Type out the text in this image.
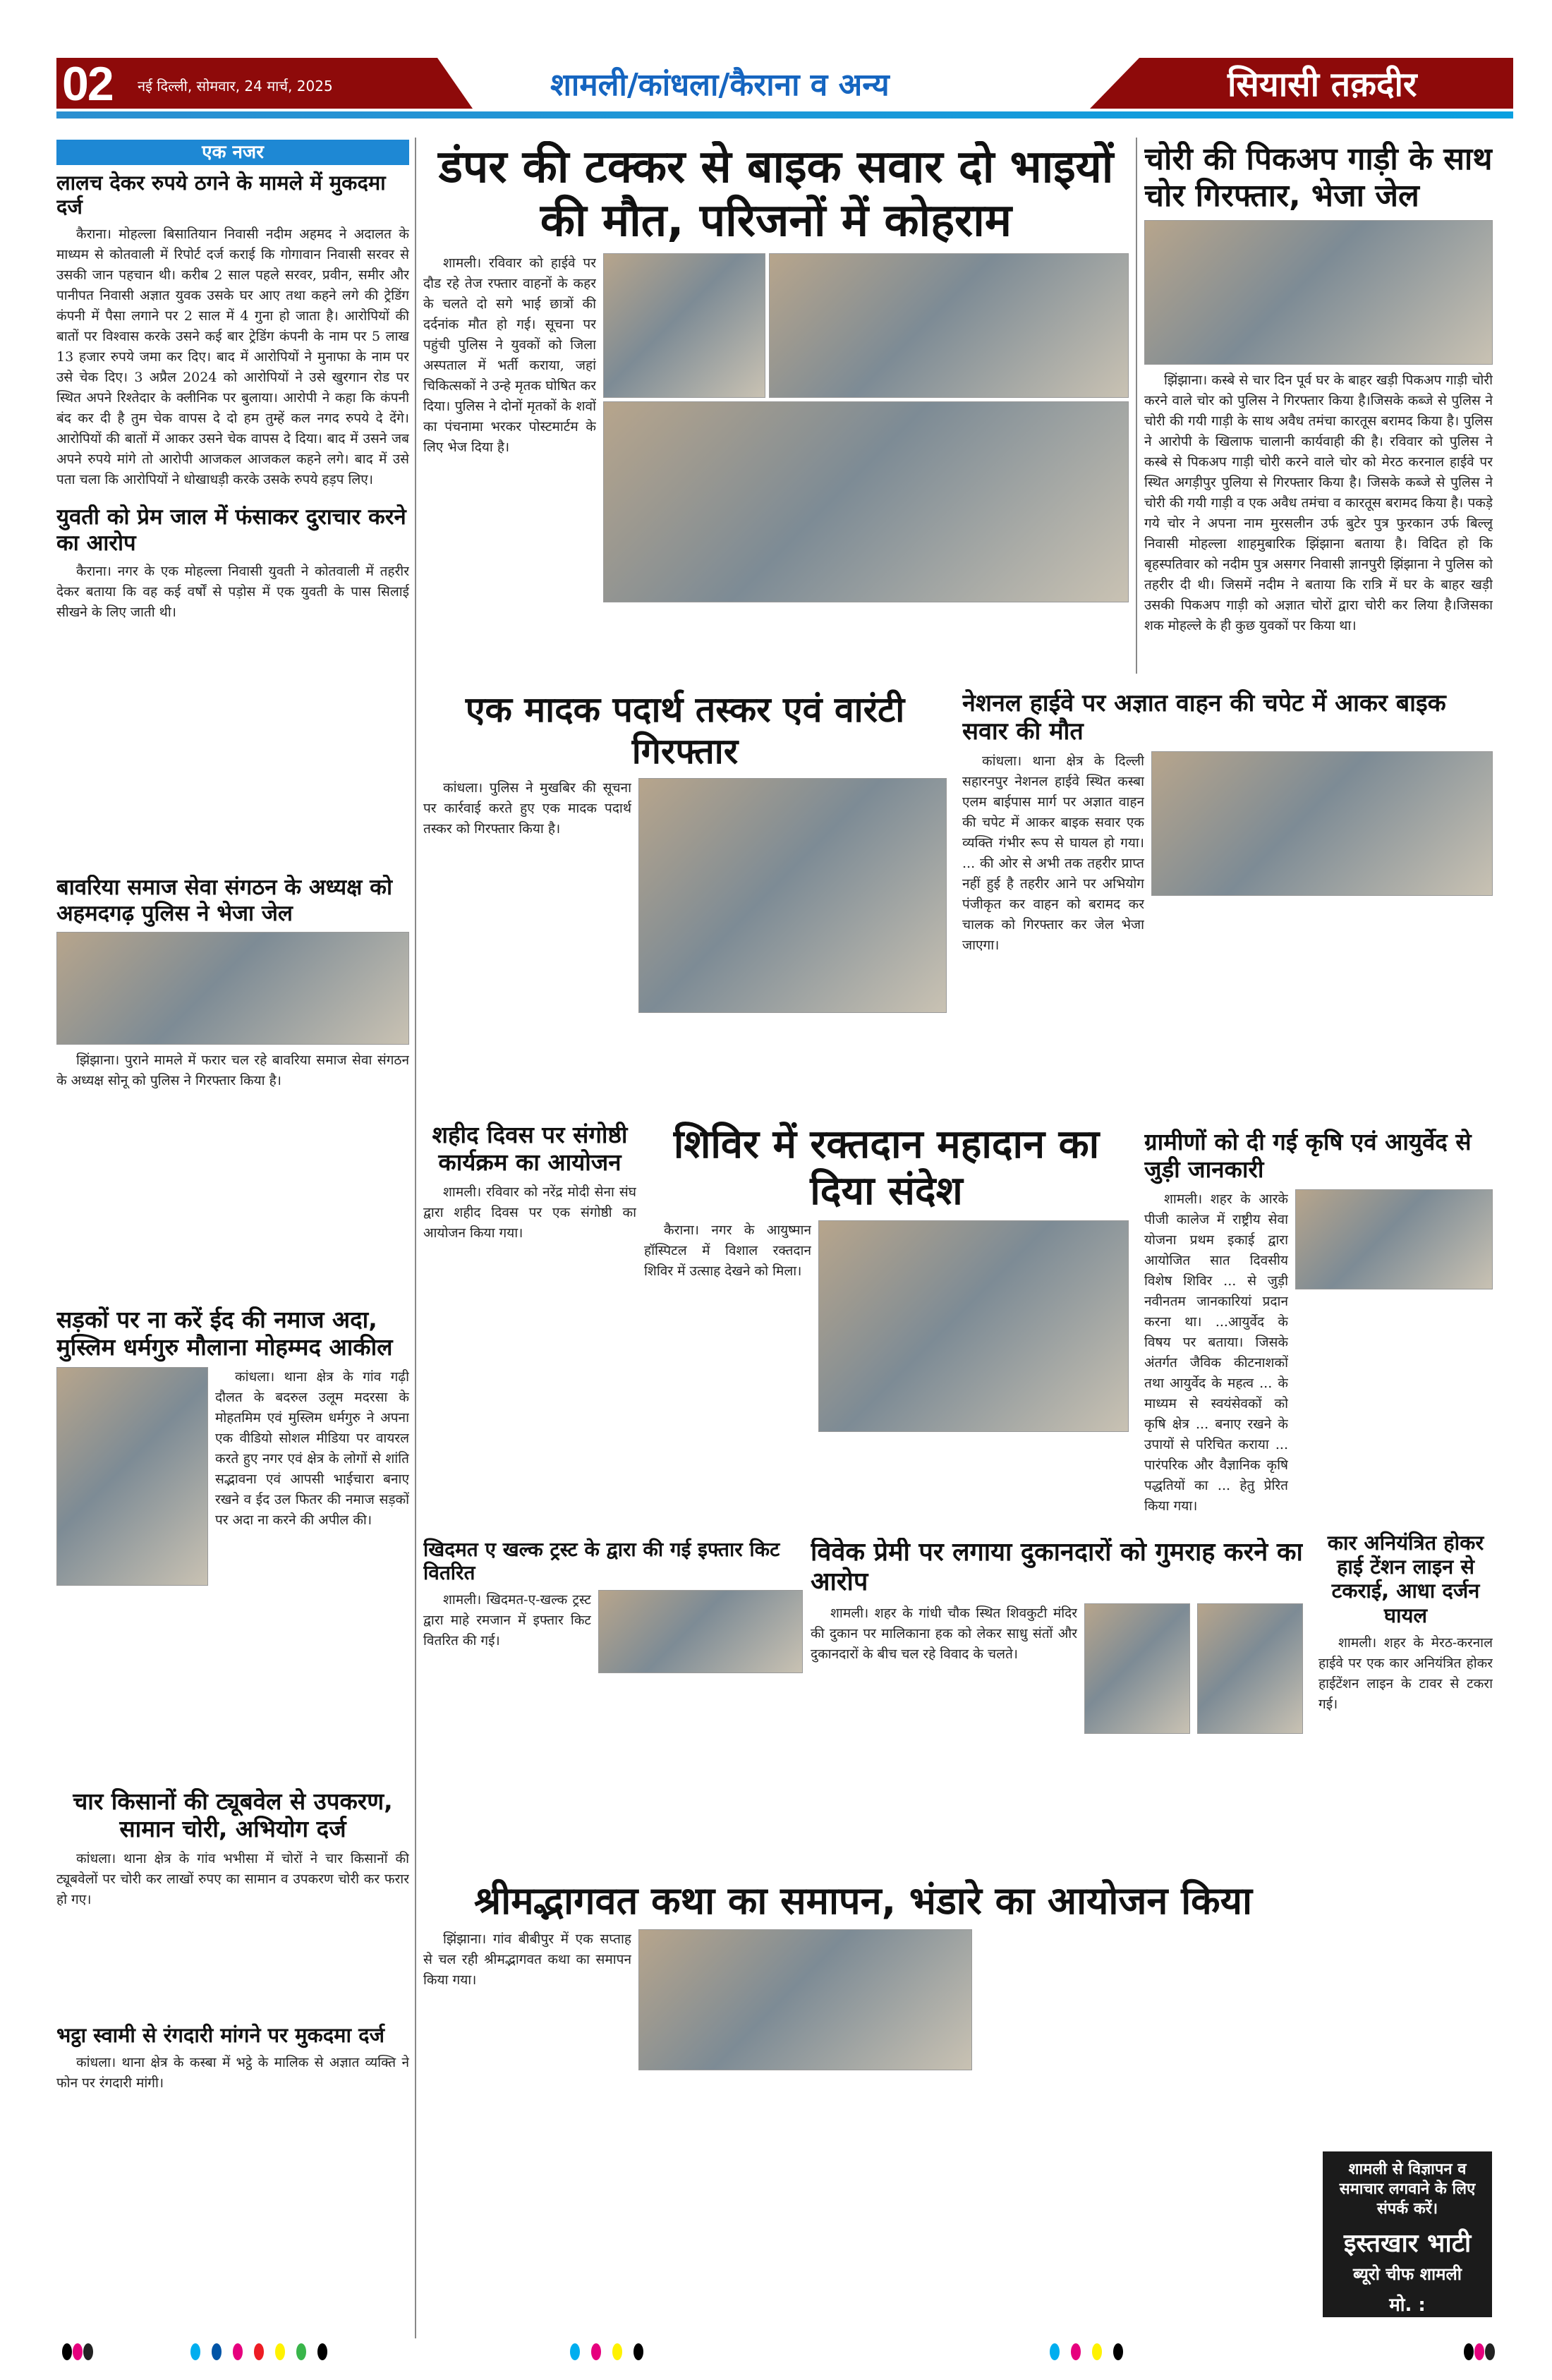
02 नई दिल्ली, सोमवार, 24 मार्च, 2025	शामली/कांधला/कैराना व अन्य	सियासी तक़दीर
एक नजर
लालच देकर रुपये ठगने के मामले में मुकदमा दर्ज
कैराना। मोहल्ला बिसातियान निवासी नदीम अहमद ने अदालत के माध्यम से कोतवाली में रिपोर्ट दर्ज कराई कि गोगावान निवासी सरवर से उसकी जान पहचान थी। करीब 2 साल पहले सरवर, प्रवीन, समीर और पानीपत निवासी अज्ञात युवक उसके घर आए तथा कहने लगे की ट्रेडिंग कंपनी में पैसा लगाने पर 2 साल में 4 गुना हो जाता है। आरोपियों की बातों पर विश्वास करके उसने कई बार ट्रेडिंग कंपनी के नाम पर 5 लाख 13 हजार रुपये जमा कर दिए। बाद में आरोपियों ने मुनाफा के नाम पर उसे चेक दिए। 3 अप्रैल 2024 को आरोपियों ने उसे खुरगान रोड पर स्थित अपने रिश्तेदार के क्लीनिक पर बुलाया। आरोपी ने कहा कि कंपनी बंद कर दी है तुम चेक वापस दे दो हम तुम्हें कल नगद रुपये दे देंगे। आरोपियों की बातों में आकर उसने चेक वापस दे दिया। बाद में उसने जब अपने रुपये मांगे तो आरोपी आजकल आजकल कहने लगे। बाद में उसे पता चला कि आरोपियों ने धोखाधड़ी करके उसके रुपये हड़प लिए।
युवती को प्रेम जाल में फंसाकर दुराचार करने का आरोप
कैराना। नगर के एक मोहल्ला निवासी युवती ने कोतवाली में तहरीर देकर बताया कि वह कई वर्षों से पड़ोस में एक युवती के पास सिलाई सीखने के लिए जाती थी।
बावरिया समाज सेवा संगठन के अध्यक्ष को अहमदगढ़ पुलिस ने भेजा जेल
झिंझाना। पुराने मामले में फरार चल रहे बावरिया समाज सेवा संगठन के अध्यक्ष सोनू को पुलिस ने गिरफ्तार किया है।
सड़कों पर ना करें ईद की नमाज अदा, मुस्लिम धर्मगुरु मौलाना मोहम्मद आकील
कांधला। थाना क्षेत्र के गांव गढ़ी दौलत के बदरुल उलूम मदरसा के मोहतमिम एवं मुस्लिम धर्मगुरु ने अपना एक वीडियो सोशल मीडिया पर वायरल करते हुए नगर एवं क्षेत्र के लोगों से शांति सद्भावना एवं आपसी भाईचारा बनाए रखने व ईद उल फितर की नमाज सड़कों पर अदा ना करने की अपील की।
चार किसानों की ट्यूबवेल से उपकरण, सामान चोरी, अभियोग दर्ज
कांधला। थाना क्षेत्र के गांव भभीसा में चोरों ने चार किसानों की ट्यूबवेलों पर चोरी कर लाखों रुपए का सामान व उपकरण चोरी कर फरार हो गए।
भट्ठा स्वामी से रंगदारी मांगने पर मुकदमा दर्ज
कांधला। थाना क्षेत्र के कस्बा में भट्ठे के मालिक से अज्ञात व्यक्ति ने फोन पर रंगदारी मांगी।
डंपर की टक्कर से बाइक सवार दो भाइयों की मौत, परिजनों में कोहराम
शामली। रविवार को हाईवे पर दौड रहे तेज रफ्तार वाहनों के कहर के चलते दो सगे भाई छात्रों की दर्दनांक मौत हो गई। सूचना पर पहुंची पुलिस ने युवकों को जिला अस्पताल में भर्ती कराया, जहां चिकित्सकों ने उन्हे मृतक घोषित कर दिया। पुलिस ने दोनों मृतकों के शवों का पंचनामा भरकर पोस्टमार्टम के लिए भेज दिया है।
चोरी की पिकअप गाड़ी के साथ चोर गिरफ्तार, भेजा जेल
झिंझाना। कस्बे से चार दिन पूर्व घर के बाहर खड़ी पिकअप गाड़ी चोरी करने वाले चोर को पुलिस ने गिरफ्तार किया है।जिसके कब्जे से पुलिस ने चोरी की गयी गाड़ी के साथ अवैध तमंचा कारतूस बरामद किया है। पुलिस ने आरोपी के खिलाफ चालानी कार्यवाही की है। रविवार को पुलिस ने कस्बे से पिकअप गाड़ी चोरी करने वाले चोर को मेरठ करनाल हाईवे पर स्थित अगड़ीपुर पुलिया से गिरफ्तार किया है। जिसके कब्जे से पुलिस ने चोरी की गयी गाड़ी व एक अवैध तमंचा व कारतूस बरामद किया है। पकड़े गये चोर ने अपना नाम मुरसलीन उर्फ बुटेर पुत्र फुरकान उर्फ बिल्लू निवासी मोहल्ला शाहमुबारिक झिंझाना बताया है। विदित हो कि बृहस्पतिवार को नदीम पुत्र असगर निवासी ज्ञानपुरी झिंझाना ने पुलिस को तहरीर दी थी। जिसमें नदीम ने बताया कि रात्रि में घर के बाहर खड़ी उसकी पिकअप गाड़ी को अज्ञात चोरों द्वारा चोरी कर लिया है।जिसका शक मोहल्ले के ही कुछ युवकों पर किया था।
एक मादक पदार्थ तस्कर एवं वारंटी गिरफ्तार
कांधला। पुलिस ने मुखबिर की सूचना पर कार्रवाई करते हुए एक मादक पदार्थ तस्कर को गिरफ्तार किया है।
नेशनल हाईवे पर अज्ञात वाहन की चपेट में आकर बाइक सवार की मौत
कांधला। थाना क्षेत्र के दिल्ली सहारनपुर नेशनल हाईवे स्थित कस्बा एलम बाईपास मार्ग पर अज्ञात वाहन की चपेट में आकर बाइक सवार एक व्यक्ति गंभीर रूप से घायल हो गया। ... की ओर से अभी तक तहरीर प्राप्त नहीं हुई है तहरीर आने पर अभियोग पंजीकृत कर वाहन को बरामद कर चालक को गिरफ्तार कर जेल भेजा जाएगा।
शहीद दिवस पर संगोष्ठी कार्यक्रम का आयोजन
शामली। रविवार को नरेंद्र मोदी सेना संघ द्वारा शहीद दिवस पर एक संगोष्ठी का आयोजन किया गया।
शिविर में रक्तदान महादान का दिया संदेश
कैराना। नगर के आयुष्मान हॉस्पिटल में विशाल रक्तदान शिविर में उत्साह देखने को मिला।
ग्रामीणों को दी गई कृषि एवं आयुर्वेद से जुड़ी जानकारी
शामली। शहर के आरके पीजी कालेज में राष्ट्रीय सेवा योजना प्रथम इकाई द्वारा आयोजित सात दिवसीय विशेष शिविर ... से जुड़ी नवीनतम जानकारियां प्रदान करना था। ...आयुर्वेद के विषय पर बताया। जिसके अंतर्गत जैविक कीटनाशकों तथा आयुर्वेद के महत्व ... के माध्यम से स्वयंसेवकों को कृषि क्षेत्र ... बनाए रखने के उपायों से परिचित कराया ... पारंपरिक और वैज्ञानिक कृषि पद्धतियों का ... हेतु प्रेरित किया गया।
खिदमत ए खल्क ट्रस्ट के द्वारा की गई इफ्तार किट वितरित
शामली। खिदमत-ए-खल्क ट्रस्ट द्वारा माहे रमजान में इफ्तार किट वितरित की गई।
विवेक प्रेमी पर लगाया दुकानदारों को गुमराह करने का आरोप
शामली। शहर के गांधी चौक स्थित शिवकुटी मंदिर की दुकान पर मालिकाना हक को लेकर साधु संतों और दुकानदारों के बीच चल रहे विवाद के चलते।
कार अनियंत्रित होकर हाई टेंशन लाइन से टकराई, आधा दर्जन घायल
शामली। शहर के मेरठ-करनाल हाईवे पर एक कार अनियंत्रित होकर हाईटेंशन लाइन के टावर से टकरा गई।
श्रीमद्भागवत कथा का समापन, भंडारे का आयोजन किया
झिंझाना। गांव बीबीपुर में एक सप्ताह से चल रही श्रीमद्भागवत कथा का समापन किया गया।
शामली से विज्ञापन व समाचार लगवाने के लिए संपर्क करें।
इस्तखार भाटी
ब्यूरो चीफ शामली
मो. : 9927682999
